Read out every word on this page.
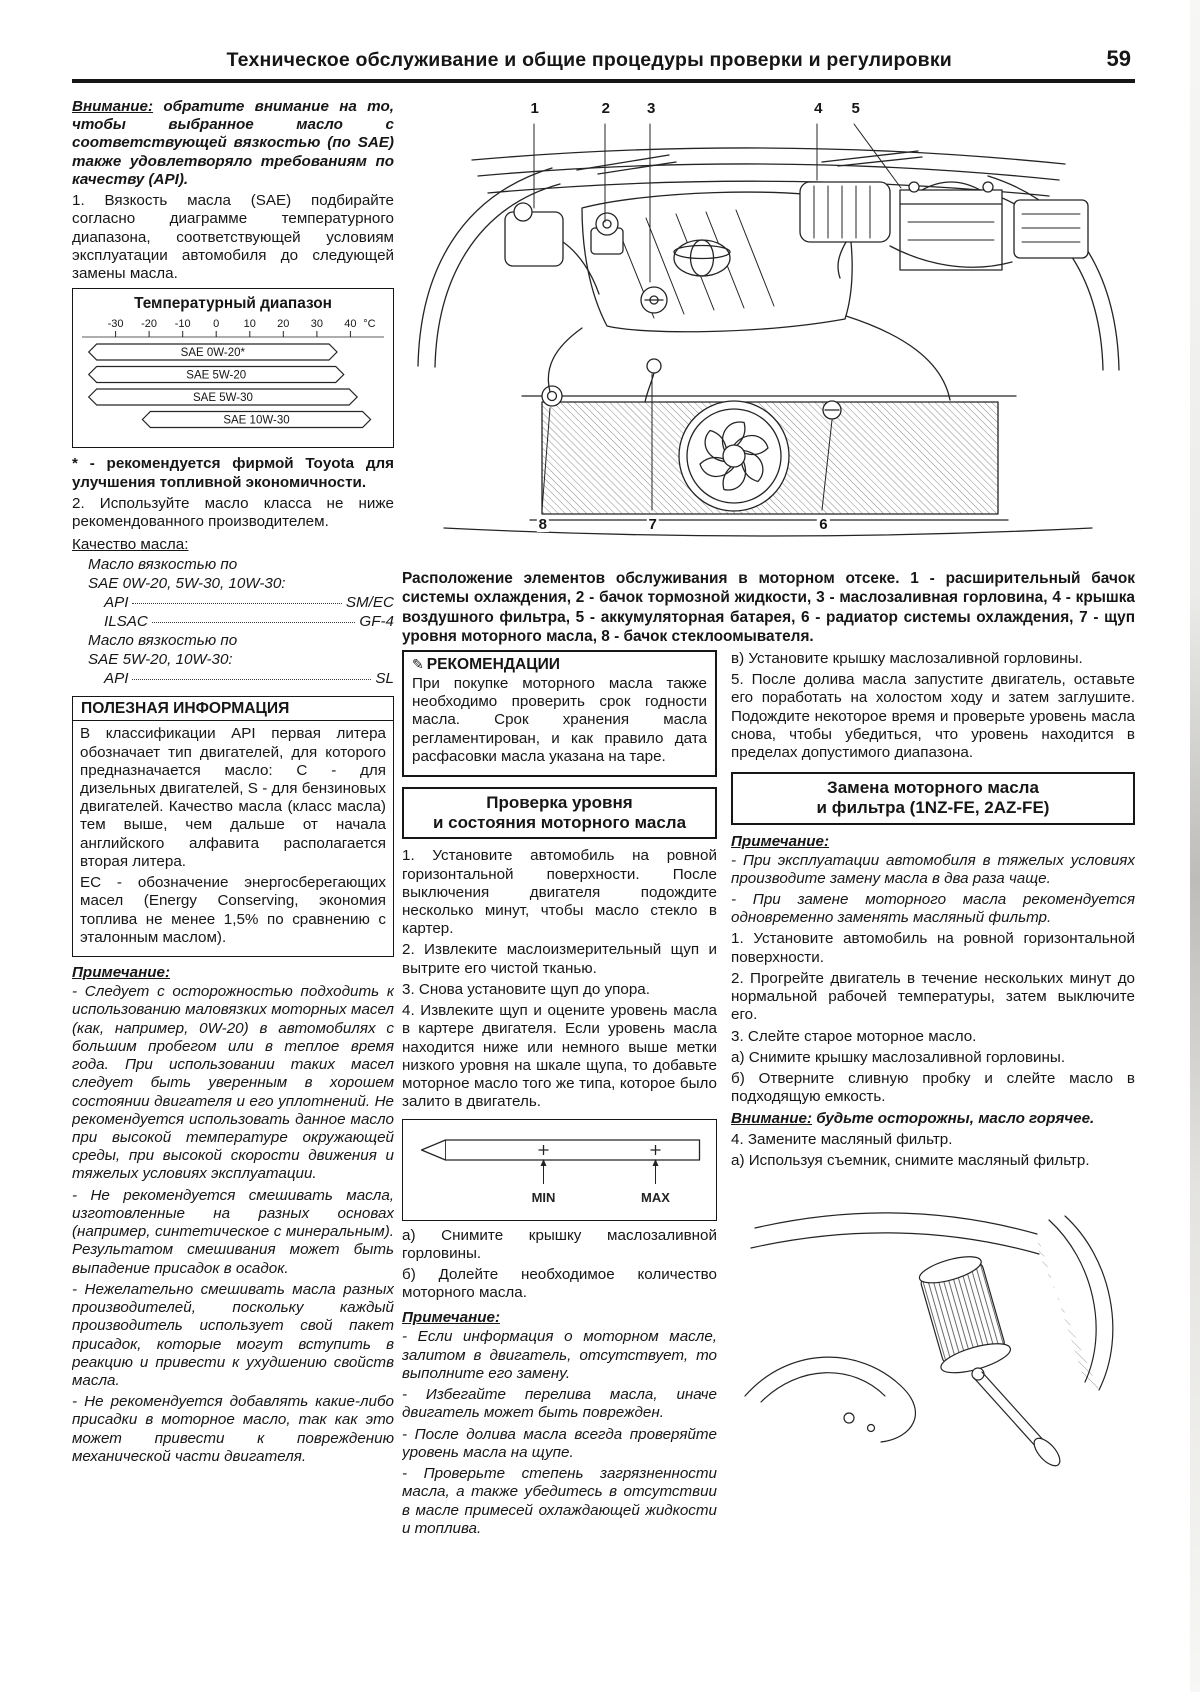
Техническое обслуживание и общие процедуры проверки и регулировки	59

Внимание: обратите внимание на то, чтобы выбранное масло с соответствующей вязкостью (по SAE) также удовлетворяло требованиям по качеству (API).

1. Вязкость масла (SAE) подбирайте согласно диаграмме температурного диапазона, соответствующей условиям эксплуатации автомобиля до следующей замены масла.

Температурный диапазон
-30 -20 -10 0 10 20 30 40 °C
SAE 0W-20*
SAE 5W-20
SAE 5W-30
SAE 10W-30

* - рекомендуется фирмой Toyota для улучшения топливной экономичности.

2. Используйте масло класса не ниже рекомендованного производителем.

Качество масла:
Масло вязкостью по
SAE 0W-20, 5W-30, 10W-30:
API	SM/EC
ILSAC	GF-4
Масло вязкостью по
SAE 5W-20, 10W-30:
API	SL
ПОЛЕЗНАЯ ИНФОРМАЦИЯ

В классификации API первая литера обозначает тип двигателей, для которого предназначается масло: C - для дизельных двигателей, S - для бензиновых двигателей. Качество масла (класс масла) тем выше, чем дальше от начала английского алфавита располагается вторая литера.

EC - обозначение энергосберегающих масел (Energy Conserving, экономия топлива не менее 1,5% по сравнению с эталонным маслом).

Примечание:

- Следует с осторожностью подходить к использованию маловязких моторных масел (как, например, 0W-20) в автомобилях с большим пробегом или в теплое время года. При использовании таких масел следует быть уверенным в хорошем состоянии двигателя и его уплотнений. Не рекомендуется использовать данное масло при высокой температуре окружающей среды, при высокой скорости движения и тяжелых условиях эксплуатации.

- Не рекомендуется смешивать масла, изготовленные на разных основах (например, синтетическое с минеральным). Результатом смешивания может быть выпадение присадок в осадок.

- Нежелательно смешивать масла разных производителей, поскольку каждый производитель использует свой пакет присадок, которые могут вступить в реакцию и привести к ухудшению свойств масла.

- Не рекомендуется добавлять какие-либо присадки в моторное масло, так как это может привести к повреждению механической части двигателя.

1	2 3	4 5
8	7	6

Расположение элементов обслуживания в моторном отсеке. 1 - расширительный бачок системы охлаждения, 2 - бачок тормозной жидкости, 3 - маслозаливная горловина, 4 - крышка воздушного фильтра, 5 - аккумуляторная батарея, 6 - радиатор системы охлаждения, 7 - щуп уровня моторного масла, 8 - бачок стеклоомывателя.

✎ РЕКОМЕНДАЦИИ

При покупке моторного масла также необходимо проверить срок годности масла. Срок хранения масла регламентирован, и как правило дата расфасовки масла указана на таре.

Проверка уровня
и состояния моторного масла

1. Установите автомобиль на ровной горизонтальной поверхности. После выключения двигателя подождите несколько минут, чтобы масло стекло в картер.

2. Извлеките маслоизмерительный щуп и вытрите его чистой тканью.

3. Снова установите щуп до упора.

4. Извлеките щуп и оцените уровень масла в картере двигателя. Если уровень масла находится ниже или немного выше метки низкого уровня на шкале щупа, то добавьте моторное масло того же типа, которое было залито в двигатель.

MIN	MAX

а) Снимите крышку маслозаливной горловины.

б) Долейте необходимое количество моторного масла.

Примечание:

- Если информация о моторном масле, залитом в двигатель, отсутствует, то выполните его замену.

- Избегайте перелива масла, иначе двигатель может быть поврежден.

- После долива масла всегда проверяйте уровень масла на щупе.

- Проверьте степень загрязненности масла, а также убедитесь в отсутствии в масле примесей охлаждающей жидкости и топлива.

в) Установите крышку маслозаливной горловины.

5. После долива масла запустите двигатель, оставьте его поработать на холостом ходу и затем заглушите. Подождите некоторое время и проверьте уровень масла снова, чтобы убедиться, что уровень находится в пределах допустимого диапазона.

Замена моторного масла
и фильтра (1NZ-FE, 2AZ-FE)
Примечание:

- При эксплуатации автомобиля в тяжелых условиях производите замену масла в два раза чаще.

- При замене моторного масла рекомендуется одновременно заменять масляный фильтр.

1. Установите автомобиль на ровной горизонтальной поверхности.

2. Прогрейте двигатель в течение нескольких минут до нормальной рабочей температуры, затем выключите его.

3. Слейте старое моторное масло.

а) Снимите крышку маслозаливной горловины.

б) Отверните сливную пробку и слейте масло в подходящую емкость.

Внимание: будьте осторожны, масло горячее.

4. Замените масляный фильтр.

а) Используя съемник, снимите масляный фильтр.
